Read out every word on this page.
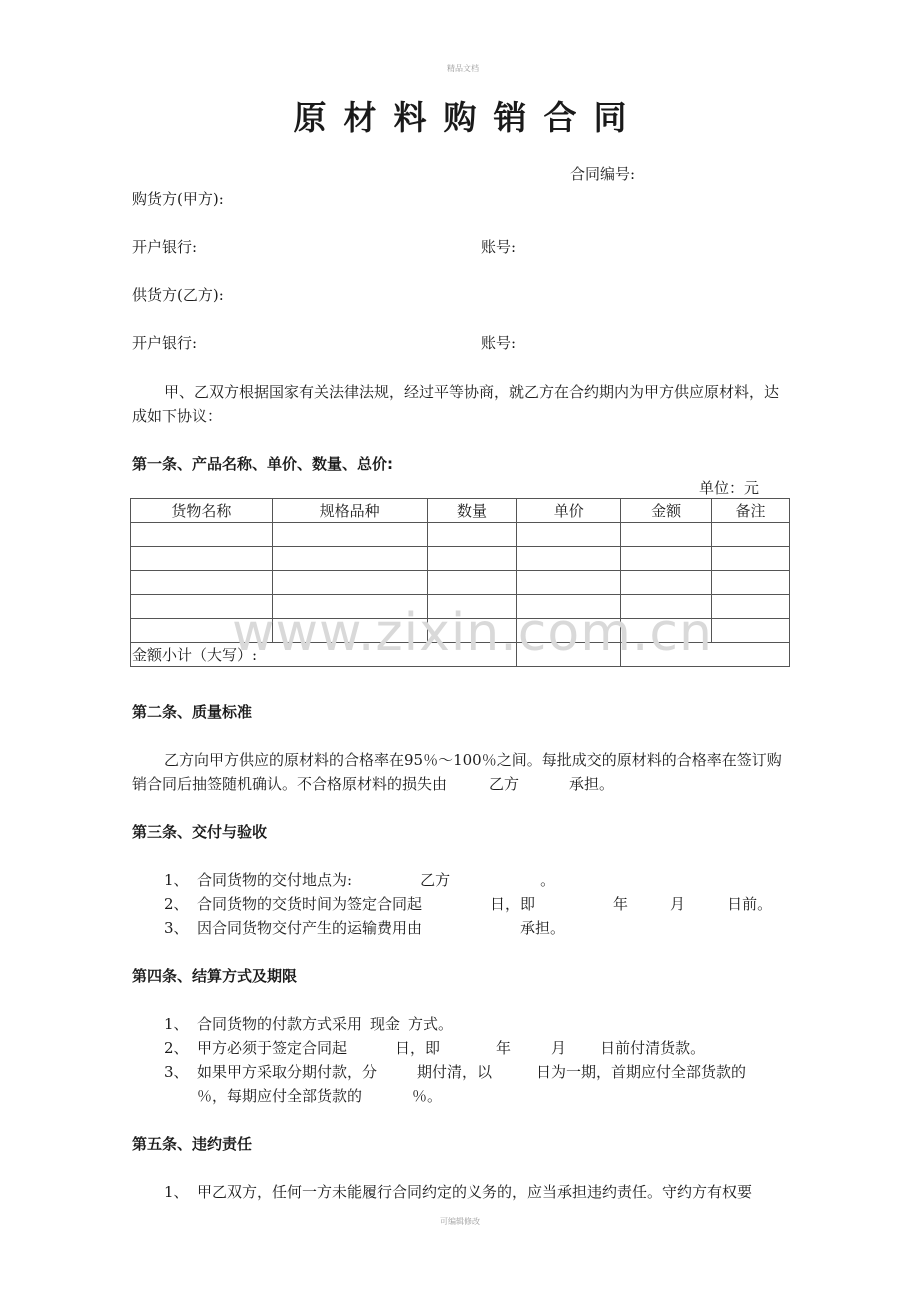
精品文档
原材料购销合同
合同编号:
购货方(甲方):
开户银行:	账号:
供货方(乙方):
开户银行:	账号:
甲、乙双方根据国家有关法律法规，经过平等协商，就乙方在合约期内为甲方供应原材料，达成如下协议：
第一条、产品名称、单价、数量、总价:
单位：元
货物名称	规格品种	数量	单价	金额	备注

金额小计（大写）:					
www.zixin.com.cn
第二条、质量标准
乙方向甲方供应的原材料的合格率在95％～100％之间。每批成交的原材料的合格率在签订购销合同后抽签随机确认。不合格原材料的损失由	乙方	承担。
第三条、交付与验收
1、 合同货物的交付地点为:	乙方	。
2、 合同货物的交货时间为签定合同起	日，即	年	月	日前。
3、 因合同货物交付产生的运输费用由	承担。
第四条、结算方式及期限
1、 合同货物的付款方式采用 现金 方式。
2、 甲方必须于签定合同起	日，即	年	月 日前付清货款。
3、 如果甲方采取分期付款，分	期付清，以	日为一期，首期应付全部货款的
％，每期应付全部货款的	％。
第五条、违约责任
1、 甲乙双方，任何一方未能履行合同约定的义务的，应当承担违约责任。守约方有权要
可编辑修改
